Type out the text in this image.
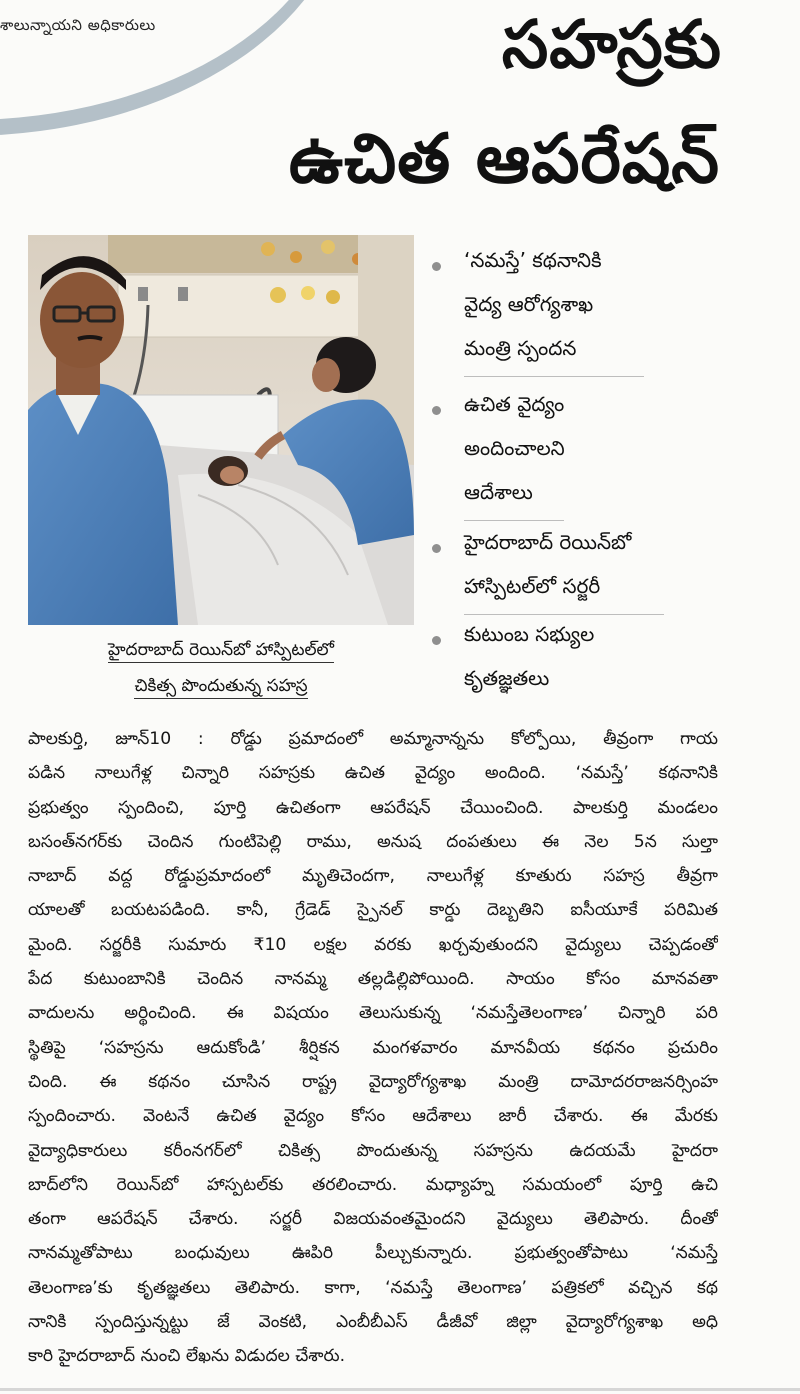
శాలున్నాయని అధికారులు	సహస్రకు
ఉచిత ఆపరేషన్
హైదరాబాద్ రెయిన్‌బో హాస్పిటల్‌లో
చికిత్స పొందుతున్న సహస్ర
‘నమస్తే’ కథనానికి
వైద్య ఆరోగ్యశాఖ
మంత్రి స్పందన
ఉచిత వైద్యం
అందించాలని
ఆదేశాలు
హైదరాబాద్ రెయిన్‌బో
హాస్పిటల్‌లో సర్జరీ
కుటుంబ సభ్యుల
కృతజ్ఞతలు
పాలకుర్తి, జూన్10 : రోడ్డు ప్రమాదంలో అమ్మానాన్నను కోల్పోయి, తీవ్రంగా గాయ
పడిన నాలుగేళ్ల చిన్నారి సహస్రకు ఉచిత వైద్యం అందింది. ‘నమస్తే’ కథనానికి
ప్రభుత్వం స్పందించి, పూర్తి ఉచితంగా ఆపరేషన్ చేయించింది. పాలకుర్తి మండలం
బసంత్‌నగర్‌కు చెందిన గుంటిపెల్లి రాము, అనుష దంపతులు ఈ నెల 5న సుల్తా
నాబాద్ వద్ద రోడ్డుప్రమాదంలో మృతిచెందగా, నాలుగేళ్ల కూతురు సహస్ర తీవ్రగా
యాలతో బయటపడింది. కానీ, గ్రేడెడ్ స్పైనల్ కార్డు దెబ్బతిని ఐసీయూకే పరిమిత
మైంది. సర్జరీకి సుమారు ₹10 లక్షల వరకు ఖర్చవుతుందని వైద్యులు చెప్పడంతో
పేద కుటుంబానికి చెందిన నానమ్మ తల్లడిల్లిపోయింది. సాయం కోసం మానవతా
వాదులను అర్థించింది. ఈ విషయం తెలుసుకున్న ‘నమస్తేతెలంగాణ’ చిన్నారి పరి
స్థితిపై ‘సహస్రను ఆదుకోండి’ శీర్షికన మంగళవారం మానవీయ కథనం ప్రచురిం
చింది. ఈ కథనం చూసిన రాష్ట్ర వైద్యారోగ్యశాఖ మంత్రి దామోదరరాజనర్సింహ
స్పందించారు. వెంటనే ఉచిత వైద్యం కోసం ఆదేశాలు జారీ చేశారు. ఈ మేరకు
వైద్యాధికారులు కరీంనగర్‌లో చికిత్స పొందుతున్న సహస్రను ఉదయమే హైదరా
బాద్‌లోని రెయిన్‌బో హాస్పటల్‌కు తరలించారు. మధ్యాహ్న సమయంలో పూర్తి ఉచి
తంగా ఆపరేషన్ చేశారు. సర్జరీ విజయవంతమైందని వైద్యులు తెలిపారు. దీంతో
నానమ్మతోపాటు బంధువులు ఊపిరి పీల్చుకున్నారు. ప్రభుత్వంతోపాటు ‘నమస్తే
తెలంగాణ’కు కృతజ్ఞతలు తెలిపారు. కాగా, ‘నమస్తే తెలంగాణ’ పత్రికలో వచ్చిన కథ
నానికి స్పందిస్తున్నట్టు జే వెంకటి, ఎంబీబీఎస్ డీజీవో జిల్లా వైద్యారోగ్యశాఖ అధి
కారి హైదరాబాద్ నుంచి లేఖను విడుదల చేశారు.
